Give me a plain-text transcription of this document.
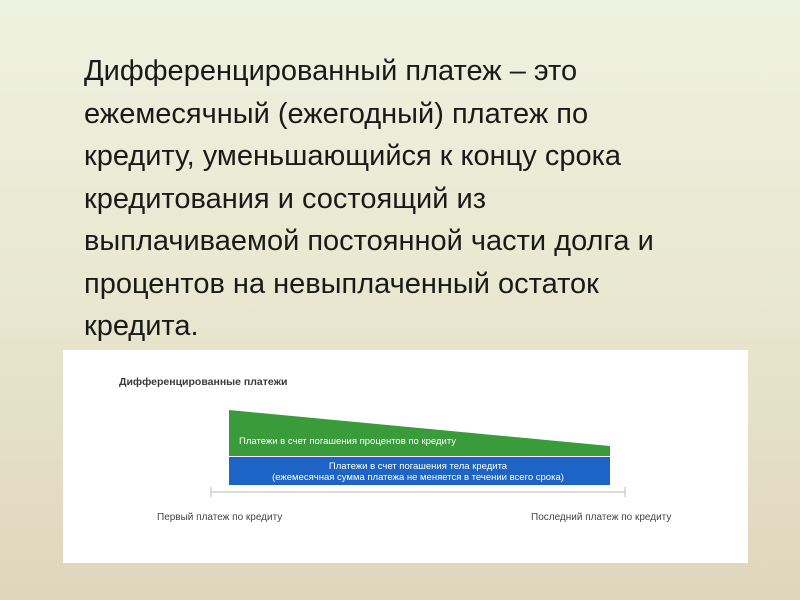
Дифференцированный платеж – это
ежемесячный (ежегодный) платеж по
кредиту, уменьшающийся к концу срока
кредитования и состоящий из
выплачиваемой постоянной части долга и
процентов на невыплаченный остаток
кредита.
Дифференцированные платежи
Платежи в счет погашения процентов по кредиту
Платежи в счет погашения тела кредита
(ежемесячная сумма платежа не меняется в течении всего срока)
Первый платеж по кредиту	Последний платеж по кредиту
